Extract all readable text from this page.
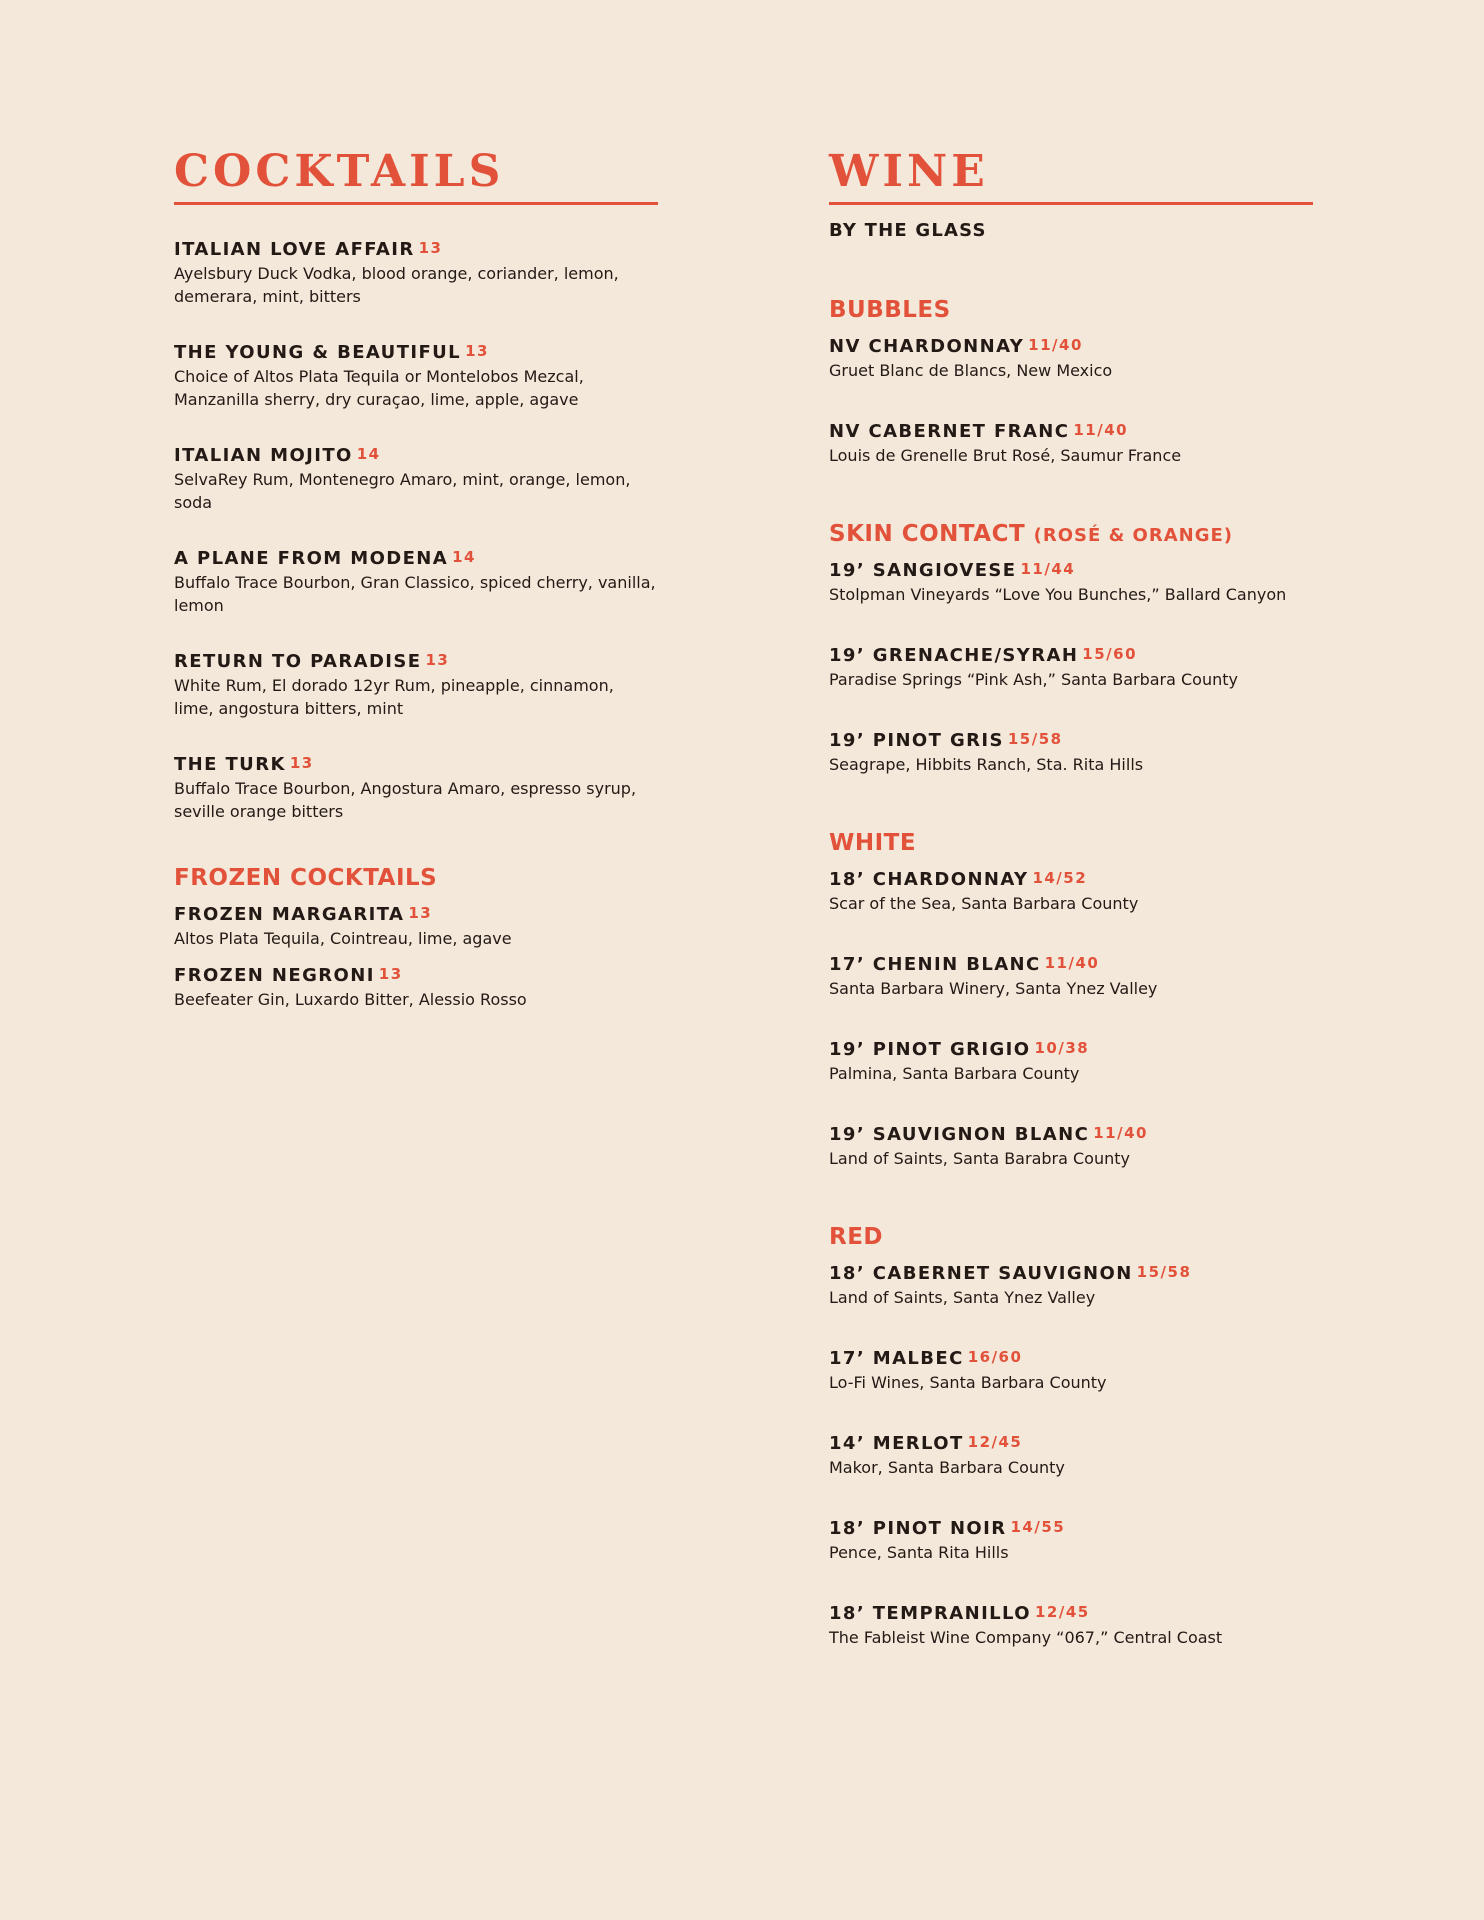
COCKTAILS
ITALIAN LOVE AFFAIR 13
Ayelsbury Duck Vodka, blood orange, coriander, lemon, demerara, mint, bitters
THE YOUNG & BEAUTIFUL 13
Choice of Altos Plata Tequila or Montelobos Mezcal, Manzanilla sherry, dry curaçao, lime, apple, agave
ITALIAN MOJITO 14
SelvaRey Rum, Montenegro Amaro, mint, orange, lemon, soda
A PLANE FROM MODENA 14
Buffalo Trace Bourbon, Gran Classico, spiced cherry, vanilla, lemon
RETURN TO PARADISE 13
White Rum, El dorado 12yr Rum, pineapple, cinnamon, lime, angostura bitters, mint
THE TURK 13
Buffalo Trace Bourbon, Angostura Amaro, espresso syrup, seville orange bitters
FROZEN COCKTAILS
FROZEN MARGARITA 13
Altos Plata Tequila, Cointreau, lime, agave
FROZEN NEGRONI 13
Beefeater Gin, Luxardo Bitter, Alessio Rosso
WINE
BY THE GLASS
BUBBLES
NV CHARDONNAY 11/40
Gruet Blanc de Blancs, New Mexico
NV CABERNET FRANC 11/40
Louis de Grenelle Brut Rosé, Saumur France
SKIN CONTACT (ROSÉ & ORANGE)
19’ SANGIOVESE 11/44
Stolpman Vineyards “Love You Bunches,” Ballard Canyon
19’ GRENACHE/SYRAH 15/60
Paradise Springs “Pink Ash,” Santa Barbara County
19’ PINOT GRIS 15/58
Seagrape, Hibbits Ranch, Sta. Rita Hills
WHITE
18’ CHARDONNAY 14/52
Scar of the Sea, Santa Barbara County
17’ CHENIN BLANC 11/40
Santa Barbara Winery, Santa Ynez Valley
19’ PINOT GRIGIO 10/38
Palmina, Santa Barbara County
19’ SAUVIGNON BLANC 11/40
Land of Saints, Santa Barabra County
RED
18’ CABERNET SAUVIGNON 15/58
Land of Saints, Santa Ynez Valley
17’ MALBEC 16/60
Lo-Fi Wines, Santa Barbara County
14’ MERLOT 12/45
Makor, Santa Barbara County
18’ PINOT NOIR 14/55
Pence, Santa Rita Hills
18’ TEMPRANILLO 12/45
The Fableist Wine Company “067,” Central Coast
